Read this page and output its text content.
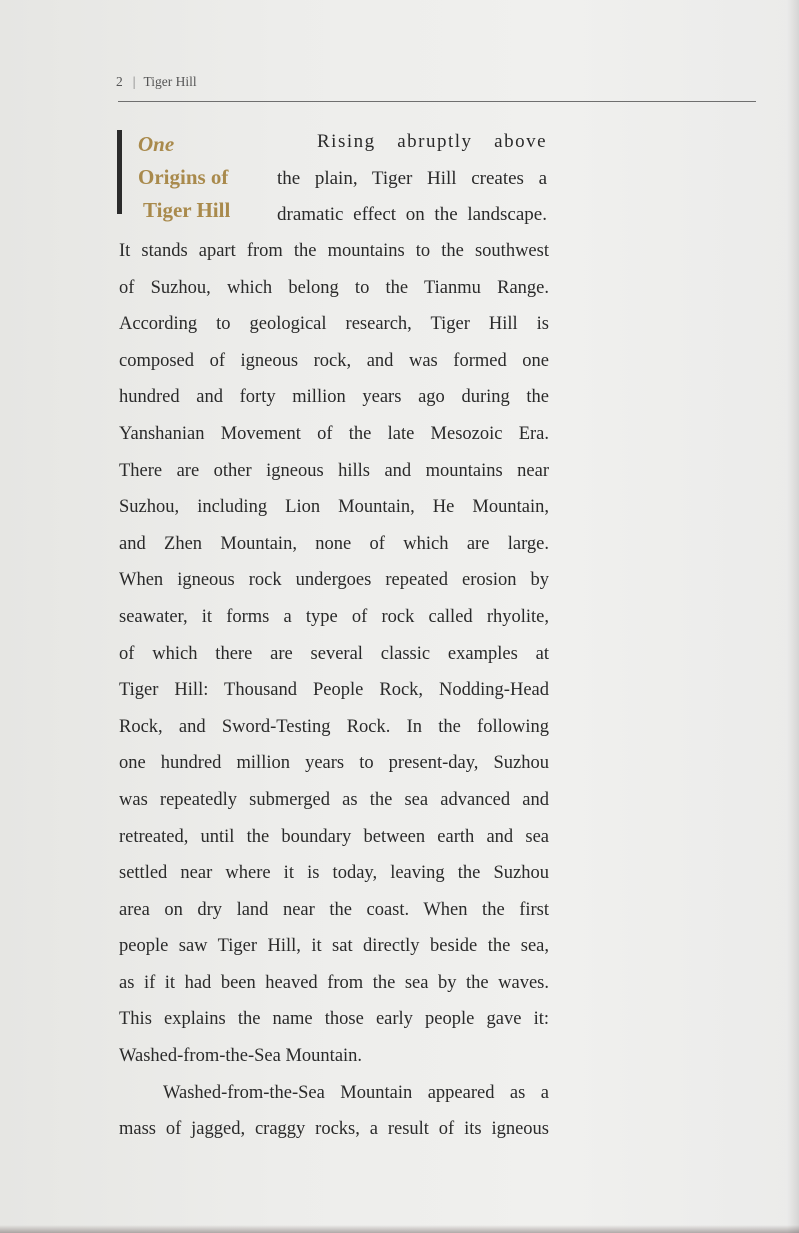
2 | Tiger Hill
One
Origins of
Tiger Hill
Rising abruptly above
the plain, Tiger Hill creates a
dramatic effect on the landscape.
It stands apart from the mountains to the southwest
of Suzhou, which belong to the Tianmu Range.
According to geological research, Tiger Hill is
composed of igneous rock, and was formed one
hundred and forty million years ago during the
Yanshanian Movement of the late Mesozoic Era.
There are other igneous hills and mountains near
Suzhou, including Lion Mountain, He Mountain,
and Zhen Mountain, none of which are large.
When igneous rock undergoes repeated erosion by
seawater, it forms a type of rock called rhyolite,
of which there are several classic examples at
Tiger Hill: Thousand People Rock, Nodding-Head
Rock, and Sword-Testing Rock. In the following
one hundred million years to present-day, Suzhou
was repeatedly submerged as the sea advanced and
retreated, until the boundary between earth and sea
settled near where it is today, leaving the Suzhou
area on dry land near the coast. When the first
people saw Tiger Hill, it sat directly beside the sea,
as if it had been heaved from the sea by the waves.
This explains the name those early people gave it:
Washed-from-the-Sea Mountain.
Washed-from-the-Sea Mountain appeared as a
mass of jagged, craggy rocks, a result of its igneous
